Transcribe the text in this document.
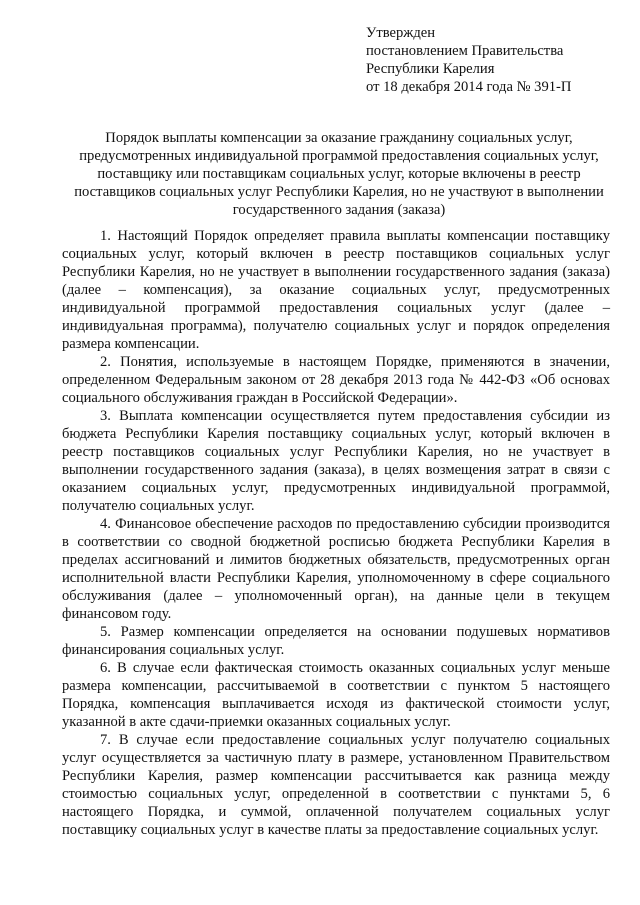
Утвержден
постановлением Правительства
Республики Карелия
от 18 декабря 2014 года № 391-П
Порядок выплаты компенсации за оказание гражданину социальных услуг,
предусмотренных индивидуальной программой предоставления социальных услуг,
поставщику или поставщикам социальных услуг, которые включены в реестр
поставщиков социальных услуг Республики Карелия, но не участвуют в выполнении
государственного задания (заказа)

1. Настоящий Порядок определяет правила выплаты компенсации поставщику социальных услуг, который включен в реестр поставщиков социальных услуг Республики Карелия, но не участвует в выполнении государственного задания (заказа) (далее – компенсация), за оказание социальных услуг, предусмотренных индивидуальной программой предоставления социальных услуг (далее – индивидуальная программа), получателю социальных услуг и порядок определения размера компенсации.

2. Понятия, используемые в настоящем Порядке, применяются в значении, определенном Федеральным законом от 28 декабря 2013 года № 442-ФЗ «Об основах социального обслуживания граждан в Российской Федерации».

3. Выплата компенсации осуществляется путем предоставления субсидии из бюджета Республики Карелия поставщику социальных услуг, который включен в реестр поставщиков социальных услуг Республики Карелия, но не участвует в выполнении государственного задания (заказа), в целях возмещения затрат в связи с оказанием социальных услуг, предусмотренных индивидуальной программой, получателю социальных услуг.

4. Финансовое обеспечение расходов по предоставлению субсидии производится в соответствии со сводной бюджетной росписью бюджета Республики Карелия в пределах ассигнований и лимитов бюджетных обязательств, предусмотренных орган исполнительной власти Республики Карелия, уполномоченному в сфере социального обслуживания (далее – уполномоченный орган), на данные цели в текущем финансовом году.

5. Размер компенсации определяется на основании подушевых нормативов финансирования социальных услуг.

6. В случае если фактическая стоимость оказанных социальных услуг меньше размера компенсации, рассчитываемой в соответствии с пунктом 5 настоящего Порядка, компенсация выплачивается исходя из фактической стоимости услуг, указанной в акте сдачи-приемки оказанных социальных услуг.

7. В случае если предоставление социальных услуг получателю социальных услуг осуществляется за частичную плату в размере, установленном Правительством Республики Карелия, размер компенсации рассчитывается как разница между стоимостью социальных услуг, определенной в соответствии с пунктами 5, 6 настоящего Порядка, и суммой, оплаченной получателем социальных услуг поставщику социальных услуг в качестве платы за предоставление социальных услуг.
